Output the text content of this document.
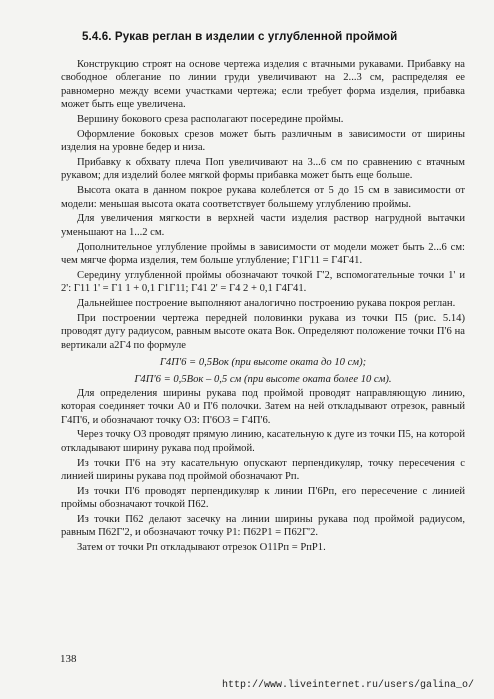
5.4.6. Рукав реглан в изделии с углубленной проймой

Конструкцию строят на основе чертежа изделия с втачными рукавами. Прибавку на свободное облегание по линии груди увеличивают на 2...3 см, распределяя ее равномерно между всеми участками чертежа; если требует форма изделия, прибавка может быть еще увеличена.

Вершину бокового среза располагают посередине проймы.

Оформление боковых срезов может быть различным в зависимости от ширины изделия на уровне бедер и низа.

Прибавку к обхвату плеча Поп увеличивают на 3...6 см по сравнению с втачным рукавом; для изделий более мягкой формы прибавка может быть еще больше.

Высота оката в данном покрое рукава колеблется от 5 до 15 см в зависимости от модели: меньшая высота оката соответствует большему углублению проймы.

Для увеличения мягкости в верхней части изделия раствор нагрудной вытачки уменьшают на 1...2 см.

Дополнительное углубление проймы в зависимости от модели может быть 2...6 см: чем мягче форма изделия, тем больше углубление; Г1Г11 = Г4Г41.

Середину углубленной проймы обозначают точкой Г'2, вспомогательные точки 1' и 2': Г11 1' = Г1 1 + 0,1 Г1Г11; Г41 2' = Г4 2 + 0,1 Г4Г41.

Дальнейшее построение выполняют аналогично построению рукава покроя реглан.

При построении чертежа передней половинки рукава из точки П5 (рис. 5.14) проводят дугу радиусом, равным высоте оката Вок. Определяют положение точки П'6 на вертикали а2Г4 по формуле

Г4П'6 = 0,5Вок (при высоте оката до 10 см);

Г4П'6 = 0,5Вок – 0,5 см (при высоте оката более 10 см).

Для определения ширины рукава под проймой проводят направляющую линию, которая соединяет точки А0 и П'6 полочки. Затем на ней откладывают отрезок, равный Г4П'6, и обозначают точку О3: П'6О3 = Г4П'6.

Через точку О3 проводят прямую линию, касательную к дуге из точки П5, на которой откладывают ширину рукава под проймой.

Из точки П'6 на эту касательную опускают перпендикуляр, точку пересечения с линией ширины рукава под проймой обозначают Рп.

Из точки П'6 проводят перпендикуляр к линии П'6Рп, его пересечение с линией проймы обозначают точкой П62.

Из точки П62 делают засечку на линии ширины рукава под проймой радиусом, равным П62Г'2, и обозначают точку Р1: П62Р1 = П62Г'2.

Затем от точки Рп откладывают отрезок О11Рп = РпР1.

138
http://www.liveinternet.ru/users/galina_o/
